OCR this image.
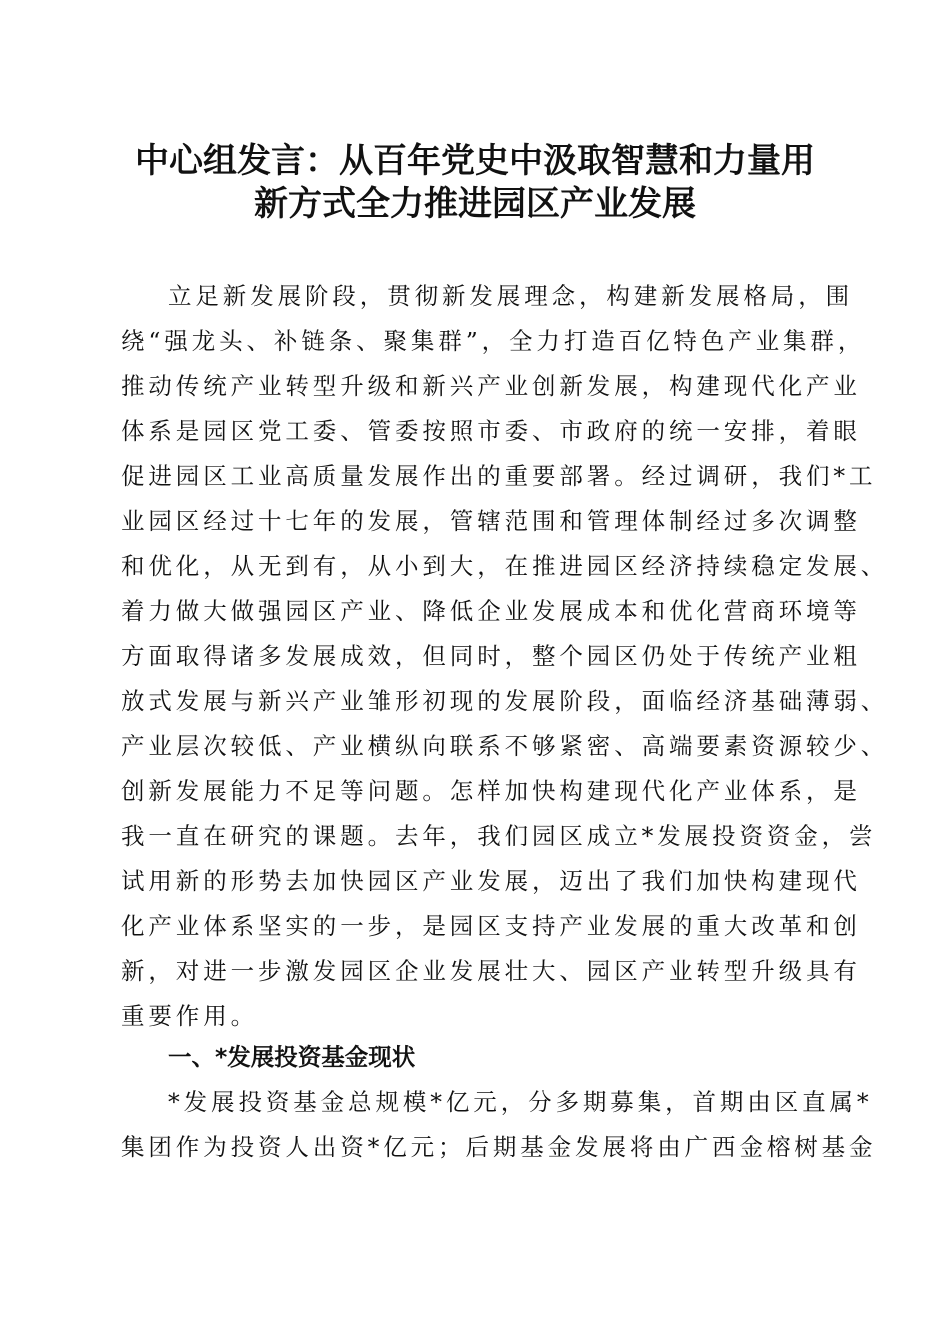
中心组发言：从百年党史中汲取智慧和力量用
新方式全力推进园区产业发展
立足新发展阶段，贯彻新发展理念，构建新发展格局，围
绕“强龙头、补链条、聚集群”，全力打造百亿特色产业集群，
推动传统产业转型升级和新兴产业创新发展，构建现代化产业
体系是园区党工委、管委按照市委、市政府的统一安排，着眼
促进园区工业高质量发展作出的重要部署。经过调研，我们*工
业园区经过十七年的发展，管辖范围和管理体制经过多次调整
和优化，从无到有，从小到大，在推进园区经济持续稳定发展、
着力做大做强园区产业、降低企业发展成本和优化营商环境等
方面取得诸多发展成效，但同时，整个园区仍处于传统产业粗
放式发展与新兴产业雏形初现的发展阶段，面临经济基础薄弱、
产业层次较低、产业横纵向联系不够紧密、高端要素资源较少、
创新发展能力不足等问题。怎样加快构建现代化产业体系，是
我一直在研究的课题。去年，我们园区成立*发展投资资金，尝
试用新的形势去加快园区产业发展，迈出了我们加快构建现代
化产业体系坚实的一步，是园区支持产业发展的重大改革和创
新，对进一步激发园区企业发展壮大、园区产业转型升级具有
重要作用。
一、*发展投资基金现状
*发展投资基金总规模*亿元，分多期募集，首期由区直属*
集团作为投资人出资*亿元；后期基金发展将由广西金榕树基金
